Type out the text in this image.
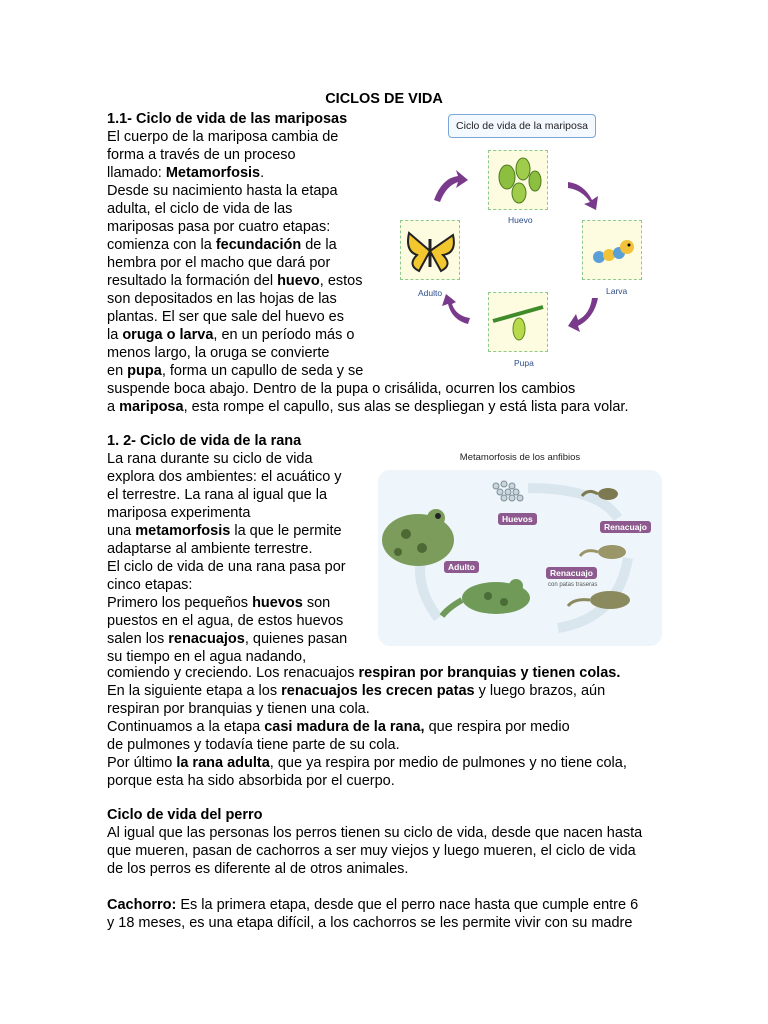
CICLOS DE VIDA

1.1- Ciclo de vida de las mariposas

El cuerpo de la mariposa cambia de

forma a través de un proceso

llamado: Metamorfosis.

Desde su nacimiento hasta la etapa

adulta, el ciclo de vida de las

mariposas pasa por cuatro etapas:

comienza con la fecundación de la

hembra por el macho que dará por

resultado la formación del huevo, estos

son depositados en las hojas de las

plantas. El ser que sale del huevo es

la oruga o larva, en un período más o

menos largo, la oruga se convierte

en pupa, forma un capullo de seda y se

suspende boca abajo. Dentro de la pupa o crisálida, ocurren los cambios

a mariposa, esta rompe el capullo, sus alas se despliegan y está lista para volar.

Ciclo de vida de la mariposa
Huevo
Larva
Pupa
Adulto

1. 2- Ciclo de vida de la rana

La rana durante su ciclo de vida

explora dos ambientes: el acuático y

el terrestre. La rana al igual que la

mariposa experimenta

una metamorfosis la que le permite

adaptarse al ambiente terrestre.

El ciclo de vida de una rana pasa por

cinco etapas:

Primero los pequeños huevos son

puestos en el agua, de estos huevos

salen los renacuajos, quienes pasan

su tiempo en el agua nadando,

comiendo y creciendo. Los renacuajos respiran por branquias y tienen colas.

En la siguiente etapa a los renacuajos les crecen patas y luego brazos, aún

respiran por branquias y tienen una cola.

Continuamos a la etapa casi madura de la rana, que respira por medio

de pulmones y todavía tiene parte de su cola.

Por último la rana adulta, que ya respira por medio de pulmones y no tiene cola,

porque esta ha sido absorbida por el cuerpo.

Metamorfosis de los anfibios
Huevos
Renacuajo
Adulto
Renacuajo
con patas traseras

Ciclo de vida del perro

Al igual que las personas los perros tienen su ciclo de vida, desde que nacen hasta

que mueren, pasan de cachorros a ser muy viejos y luego mueren, el ciclo de vida

de los perros es diferente al de otros animales.

Cachorro: Es la primera etapa, desde que el perro nace hasta que cumple entre 6

y 18 meses, es una etapa difícil, a los cachorros se les permite vivir con su madre
